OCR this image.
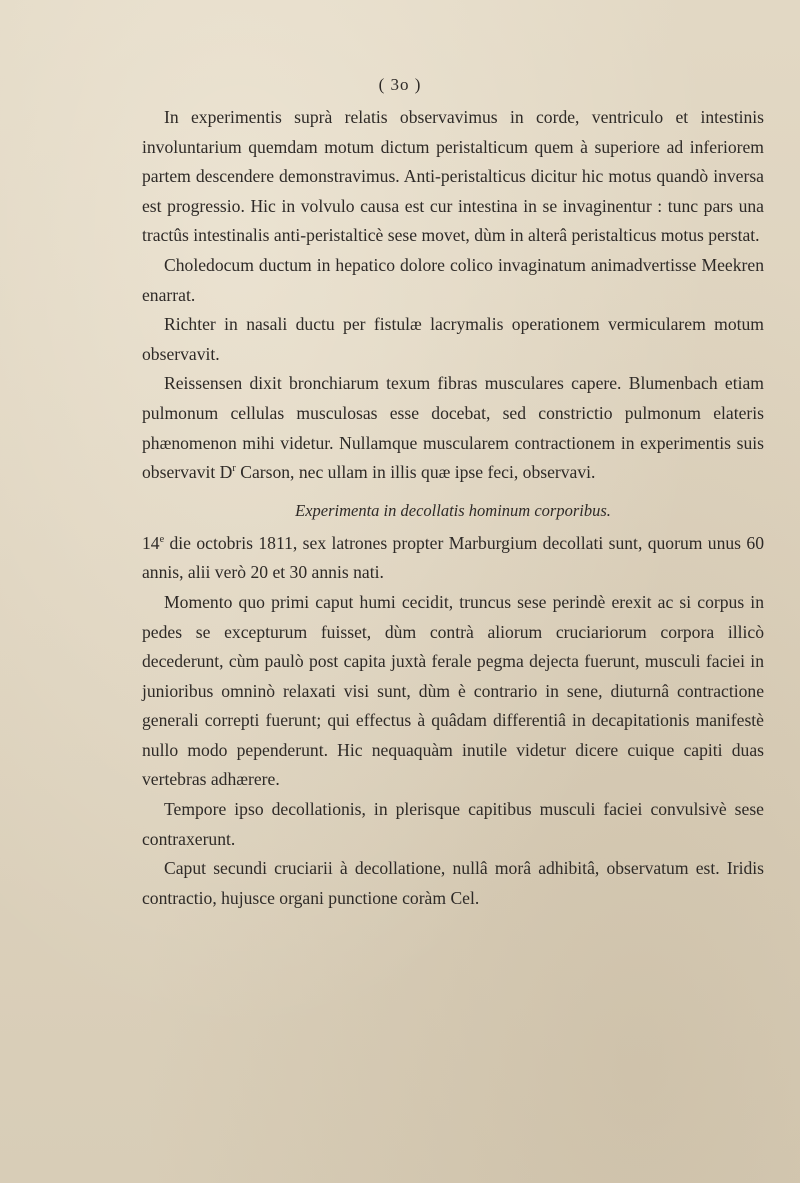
( 3o )

In experimentis suprà relatis observavimus in corde, ventriculo et intestinis involuntarium quemdam motum dictum peristalticum quem à superiore ad inferiorem partem descendere demonstravimus. Anti-peristalticus dicitur hic motus quandò inversa est progressio. Hic in volvulo causa est cur intestina in se invaginentur : tunc pars una tractûs intestinalis anti-peristalticè sese movet, dùm in alterâ peristalticus motus perstat.

Choledocum ductum in hepatico dolore colico invaginatum animadvertisse Meekren enarrat.

Richter in nasali ductu per fistulæ lacrymalis operationem vermicularem motum observavit.

Reissensen dixit bronchiarum texum fibras musculares capere. Blumenbach etiam pulmonum cellulas musculosas esse docebat, sed constrictio pulmonum elateris phænomenon mihi videtur. Nullamque muscularem contractionem in experimentis suis observavit $D^r$ Carson, nec ullam in illis quæ ipse feci, observavi.

Experimenta in decollatis hominum corporibus.

14e die octobris 1811, sex latrones propter Marburgium decollati sunt, quorum unus 60 annis, alii verò 20 et 30 annis nati.

Momento quo primi caput humi cecidit, truncus sese perindè erexit ac si corpus in pedes se excepturum fuisset, dùm contrà aliorum cruciariorum corpora illicò decederunt, cùm paulò post capita juxtà ferale pegma dejecta fuerunt, musculi faciei in junioribus omninò relaxati visi sunt, dùm è contrario in sene, diuturnâ contractione generali correpti fuerunt; qui effectus à quâdam differentiâ in decapitationis manifestè nullo modo pependerunt. Hic nequaquàm inutile videtur dicere cuique capiti duas vertebras adhærere.

Tempore ipso decollationis, in plerisque capitibus musculi faciei convulsivè sese contraxerunt.

Caput secundi cruciarii à decollatione, nullâ morâ adhibitâ, observatum est. Iridis contractio, hujusce organi punctione coràm Cel.
